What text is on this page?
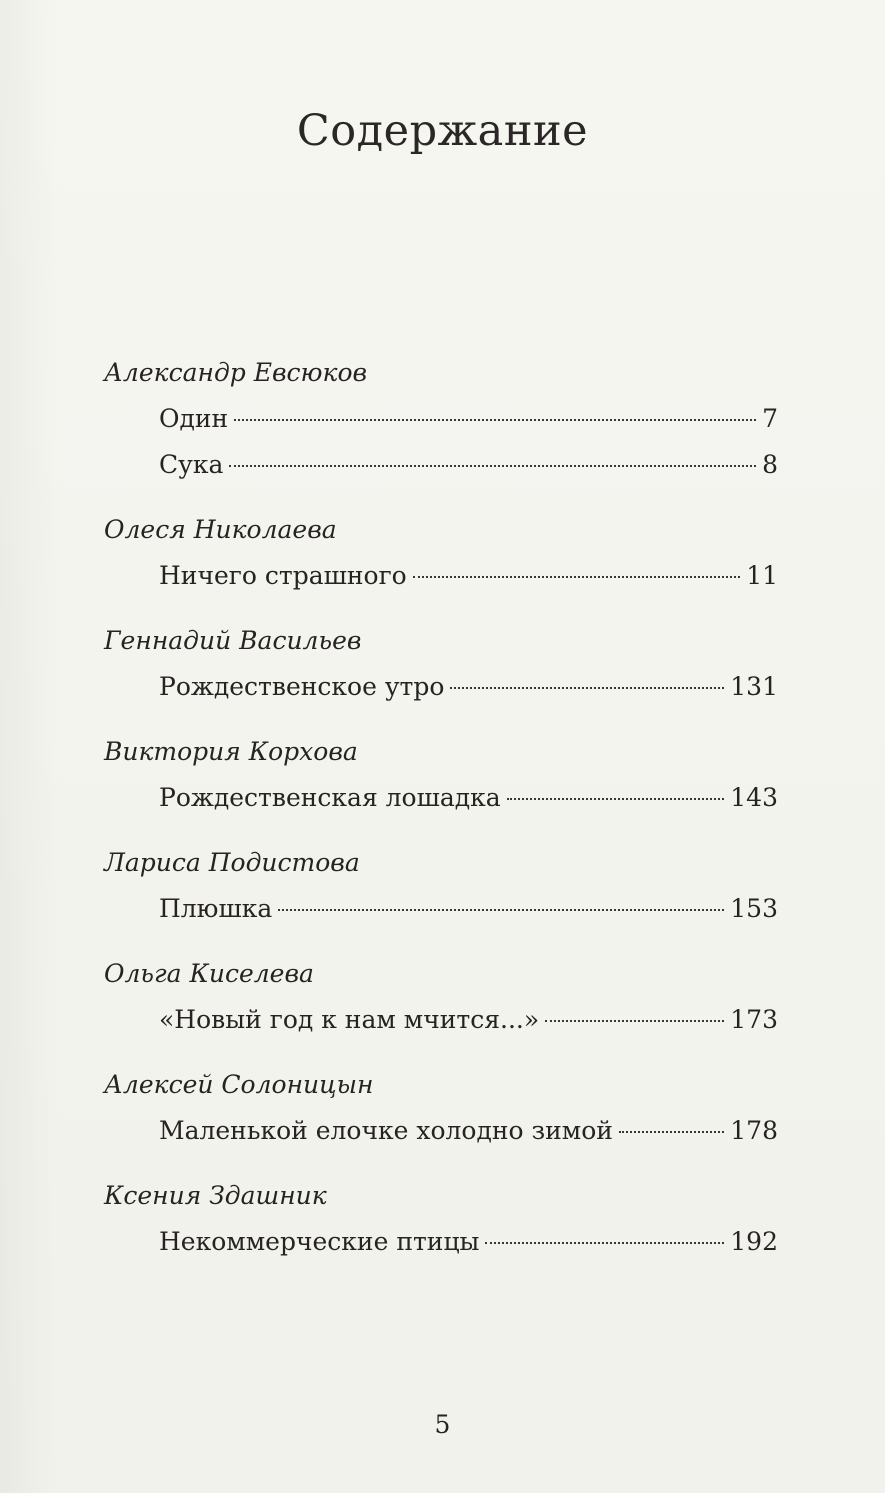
Содержание
Александр Евсюков
Один	7
Сука	8
Олеся Николаева
Ничего страшного	11
Геннадий Васильев
Рождественское утро	131
Виктория Корхова
Рождественская лошадка	143
Лариса Подистова
Плюшка	153
Ольга Киселева
«Новый год к нам мчится...»	173
Алексей Солоницын
Маленькой елочке холодно зимой	178
Ксения Здашник
Некоммерческие птицы	192
5
